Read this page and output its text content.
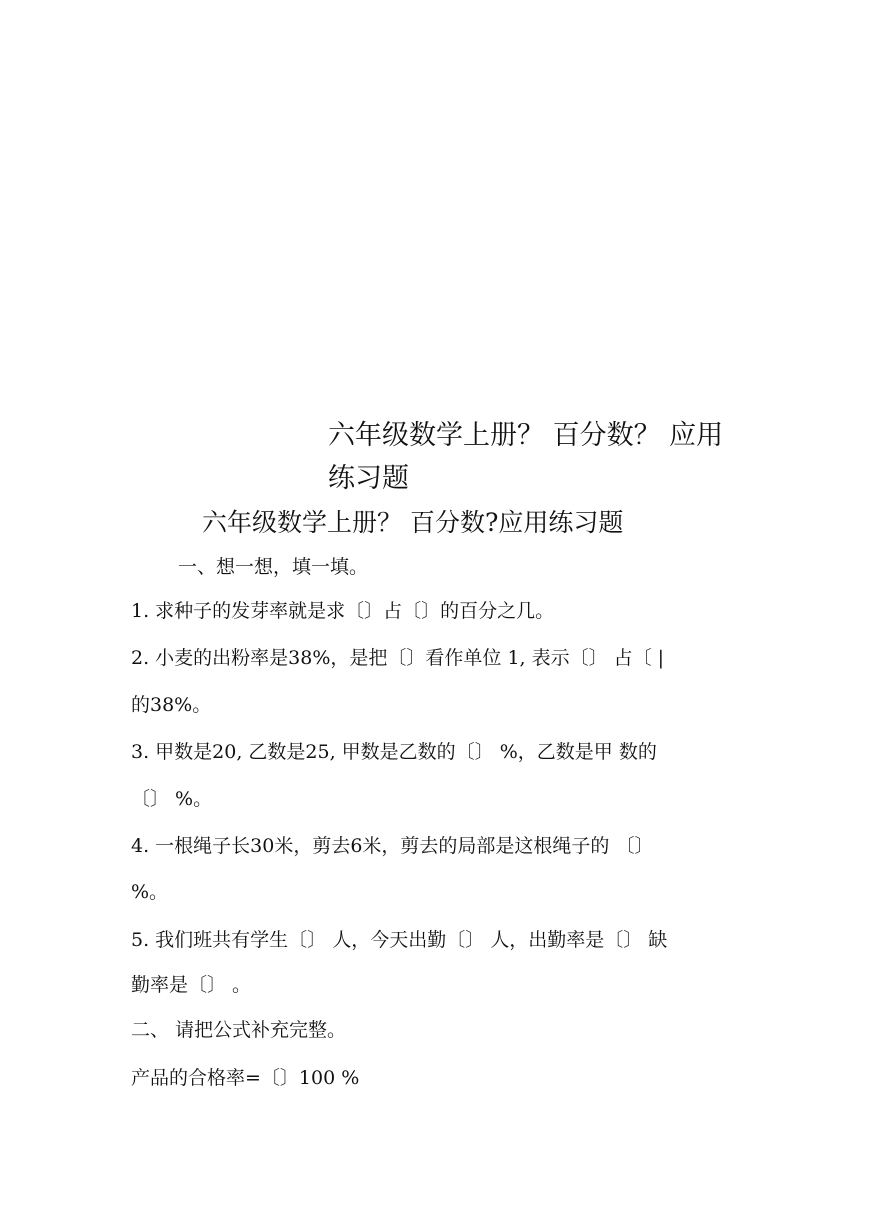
六年级数学上册？ 百分数？ 应用
练习题
六年级数学上册？ 百分数?应用练习题
一、想一想，填一填。
1. 求种子的发芽率就是求〔〕占〔〕的百分之几。
2. 小麦的出粉率是38%，是把〔〕看作单位 1, 表示〔〕 占〔 |
的38%。
3. 甲数是20, 乙数是25, 甲数是乙数的〔〕 %，乙数是甲 数的
〔〕 %。
4. 一根绳子长30米，剪去6米，剪去的局部是这根绳子的 〔〕
%。
5. 我们班共有学生〔〕 人，今天出勤〔〕 人，出勤率是〔〕 缺
勤率是〔〕 。
二、 请把公式补充完整。
产品的合格率=〔〕100 %
